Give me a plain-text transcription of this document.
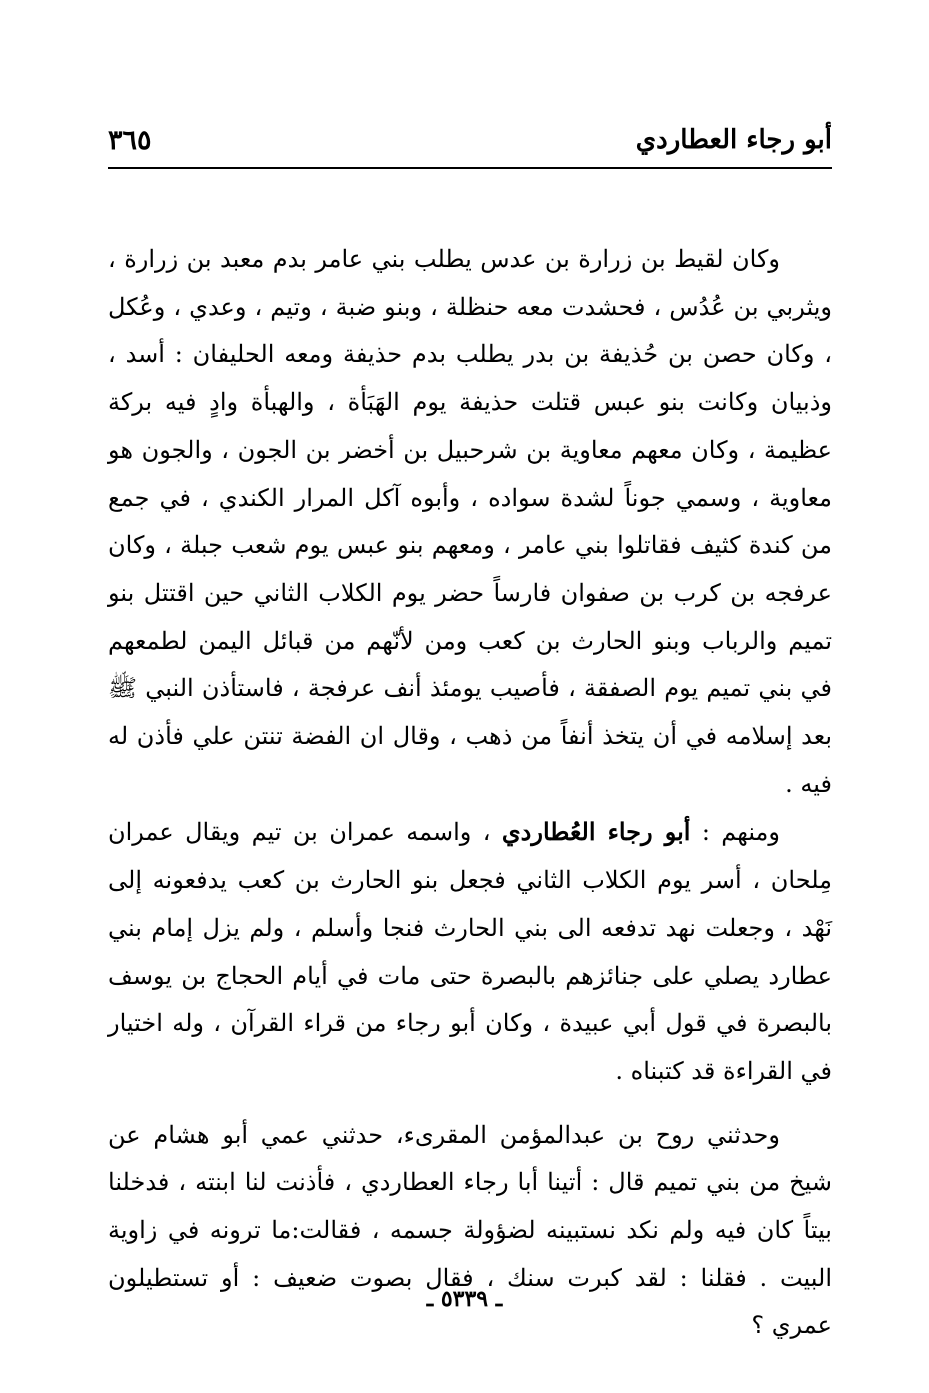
أبو رجاء العطاردي
٣٦٥

وكان لقيط بن زرارة بن عدس يطلب بني عامر بدم معبد بن زرارة ، ويثربي بن عُدُس ، فحشدت معه حنظلة ، وبنو ضبة ، وتيم ، وعدي ، وعُكل ، وكان حصن بن حُذيفة بن بدر يطلب بدم حذيفة ومعه الحليفان : أسد ، وذبيان وكانت بنو عبس قتلت حذيفة يوم الهَبَأة ، والهبأة وادٍ فيه بركة عظيمة ، وكان معهم معاوية بن شرحبيل بن أخضر بن الجون ، والجون هو معاوية ، وسمي جوناً لشدة سواده ، وأبوه آكل المرار الكندي ، في جمع من كندة كثيف فقاتلوا بني عامر ، ومعهم بنو عبس يوم شعب جبلة ، وكان عرفجه بن كرب بن صفوان فارساً حضر يوم الكلاب الثاني حين اقتتل بنو تميم والرباب وبنو الحارث بن كعب ومن لأنّهم من قبائل اليمن لطمعهم في بني تميم يوم الصفقة ، فأصيب يومئذ أنف عرفجة ، فاستأذن النبي ﷺ بعد إسلامه في أن يتخذ أنفاً من ذهب ، وقال ان الفضة تنتن علي فأذن له فيه .

ومنهم : أبو رجاء العُطاردي ، واسمه عمران بن تيم ويقال عمران مِلحان ، أسر يوم الكلاب الثاني فجعل بنو الحارث بن كعب يدفعونه إلى نَهْد ، وجعلت نهد تدفعه الى بني الحارث فنجا وأسلم ، ولم يزل إمام بني عطارد يصلي على جنائزهم بالبصرة حتى مات في أيام الحجاج بن يوسف بالبصرة في قول أبي عبيدة ، وكان أبو رجاء من قراء القرآن ، وله اختيار في القراءة قد كتبناه .

وحدثني روح بن عبدالمؤمن المقرىء، حدثني عمي أبو هشام عن شيخ من بني تميم قال : أتينا أبا رجاء العطاردي ، فأذنت لنا ابنته ، فدخلنا بيتاً كان فيه ولم نكد نستبينه لضؤولة جسمه ، فقالت:ما ترونه في زاوية البيت . فقلنا : لقد كبرت سنك ، فقال بصوت ضعيف : أو تستطيلون عمري ؟

ـ ٥٣٣٩ ـ
